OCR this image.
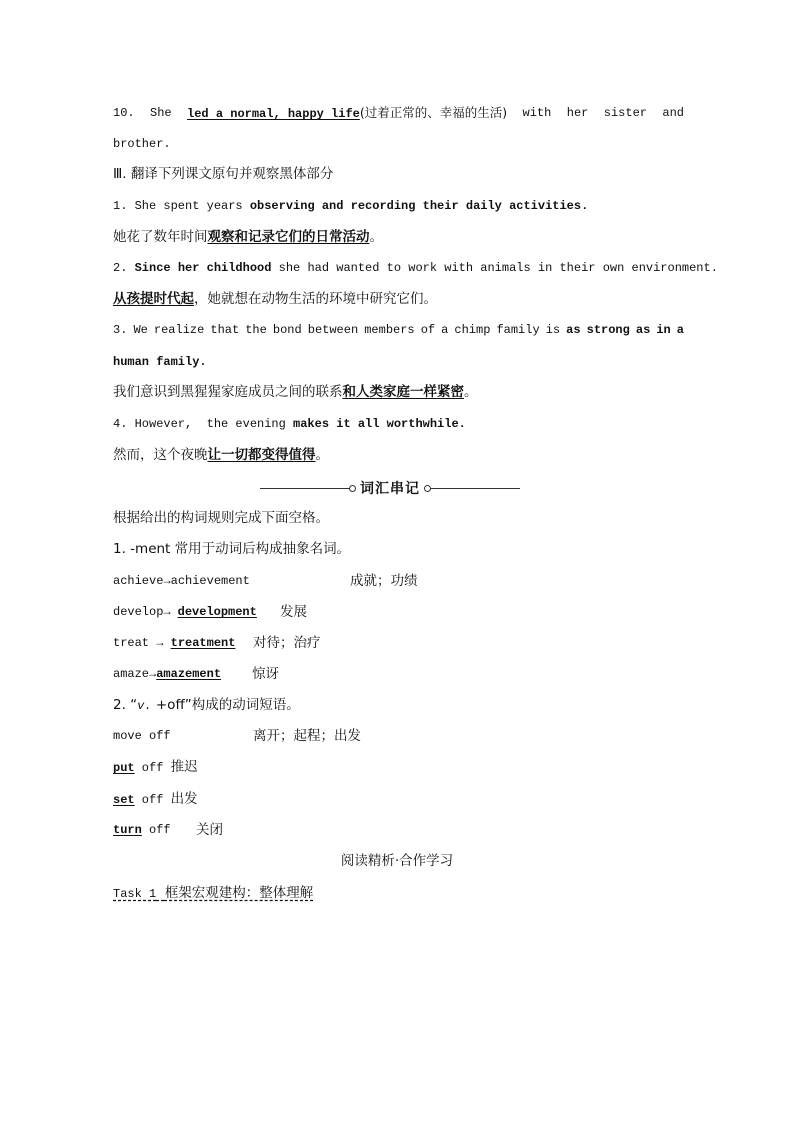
10. She led a normal, happy life(过着正常的、幸福的生活) with her sister and
brother.
Ⅲ. 翻译下列课文原句并观察黑体部分
1. She spent years observing and recording their daily activities.
她花了数年时间观察和记录它们的日常活动。
2. Since her childhood she had wanted to work with animals in their own environment.
从孩提时代起，她就想在动物生活的环境中研究它们。
3. We realize that the bond between members of a chimp family is as strong as in a
human family.
我们意识到黑猩猩家庭成员之间的联系和人类家庭一样紧密。
4. However,  the evening makes it all worthwhile.
然而，这个夜晚让一切都变得值得。
词汇串记
根据给出的构词规则完成下面空格。
1. -ment 常用于动词后构成抽象名词。
achieve→achievement	成就；功绩
develop→ development 发展
treat → treatment 对待；治疗
amaze→amazement 惊讶
2. “v. +off”构成的动词短语。
move off	离开；起程；出发
put off 推迟
set off 出发
turn off 关闭
阅读精析·合作学习
Task 1 框架宏观建构：整体理解
